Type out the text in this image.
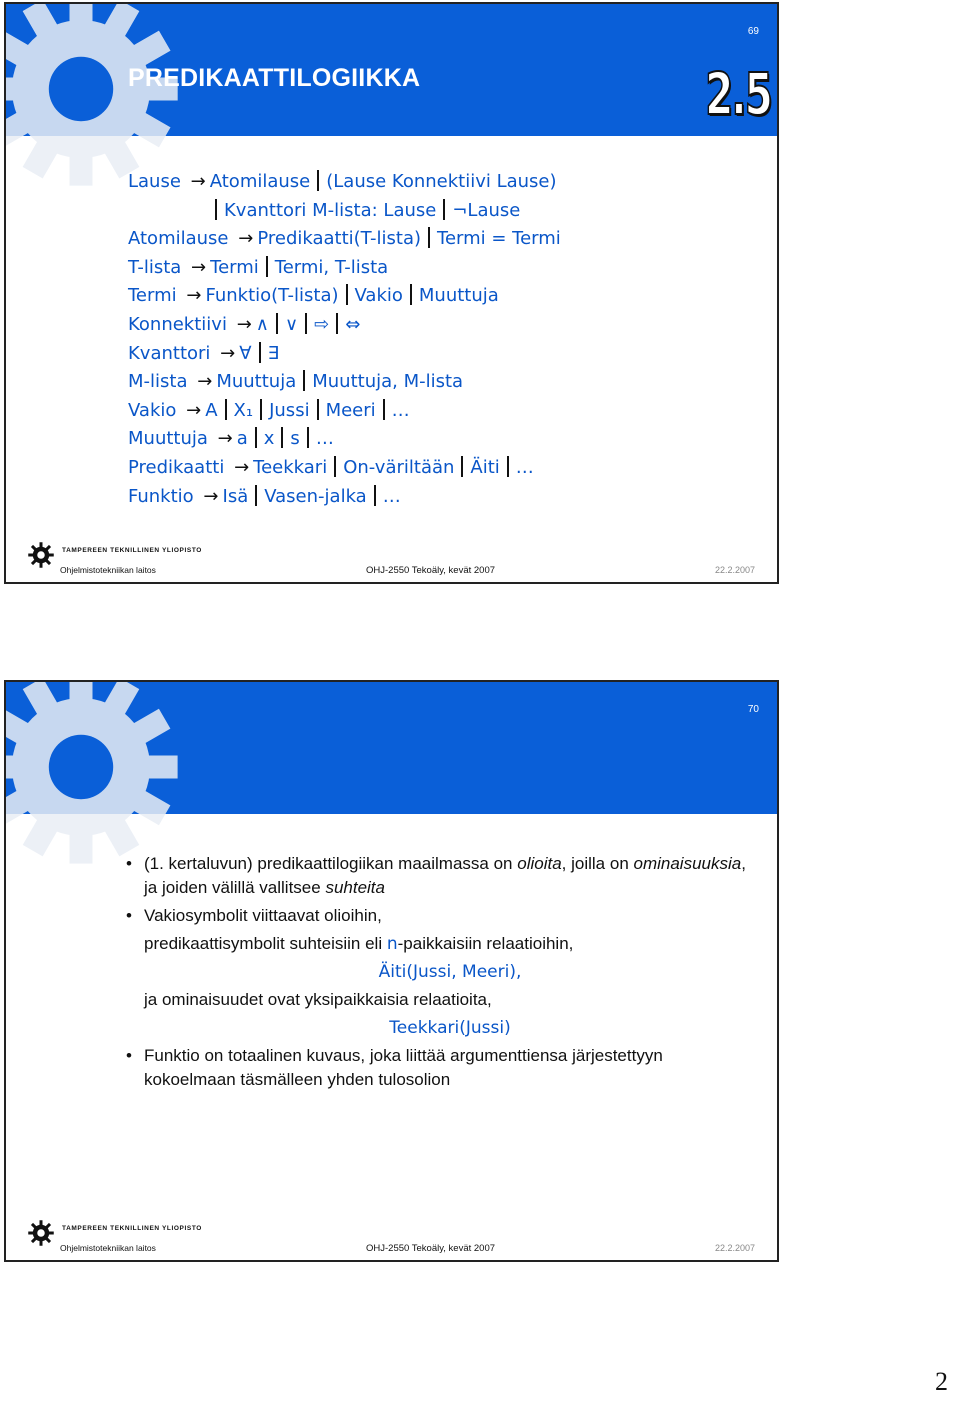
69
PREDIKAATTILOGIIKKA	2.5
Lause → Atomilause (Lause Konnektiivi Lause)
Kvanttori M-lista: Lause ¬Lause
Atomilause → Predikaatti(T-lista) Termi = Termi
T-lista → Termi Termi, T-lista
Termi → Funktio(T-lista) Vakio Muuttuja
Konnektiivi → ∧ ∨ ⇨ ⇔
Kvanttori → ∀ ∃
M-lista → Muuttuja Muuttuja, M-lista
Vakio → A X₁ Jussi Meeri …
Muuttuja → a x s …
Predikaatti → Teekkari On-väriltään Äiti …
Funktio → Isä Vasen-jalka …
TAMPEREEN TEKNILLINEN YLIOPISTO
Ohjelmistotekniikan laitos	OHJ-2550 Tekoäly, kevät 2007	22.2.2007
70
• (1. kertaluvun) predikaattilogiikan maailmassa on olioita, joilla on ominaisuuksia, ja joiden välillä vallitsee suhteita
• Vakiosymbolit viittaavat olioihin,
predikaattisymbolit suhteisiin eli n-paikkaisiin relaatioihin,
Äiti(Jussi, Meeri),
ja ominaisuudet ovat yksipaikkaisia relaatioita,
Teekkari(Jussi)
• Funktio on totaalinen kuvaus, joka liittää argumenttiensa järjestettyyn kokoelmaan täsmälleen yhden tulosolion
TAMPEREEN TEKNILLINEN YLIOPISTO
Ohjelmistotekniikan laitos	OHJ-2550 Tekoäly, kevät 2007	22.2.2007
2
